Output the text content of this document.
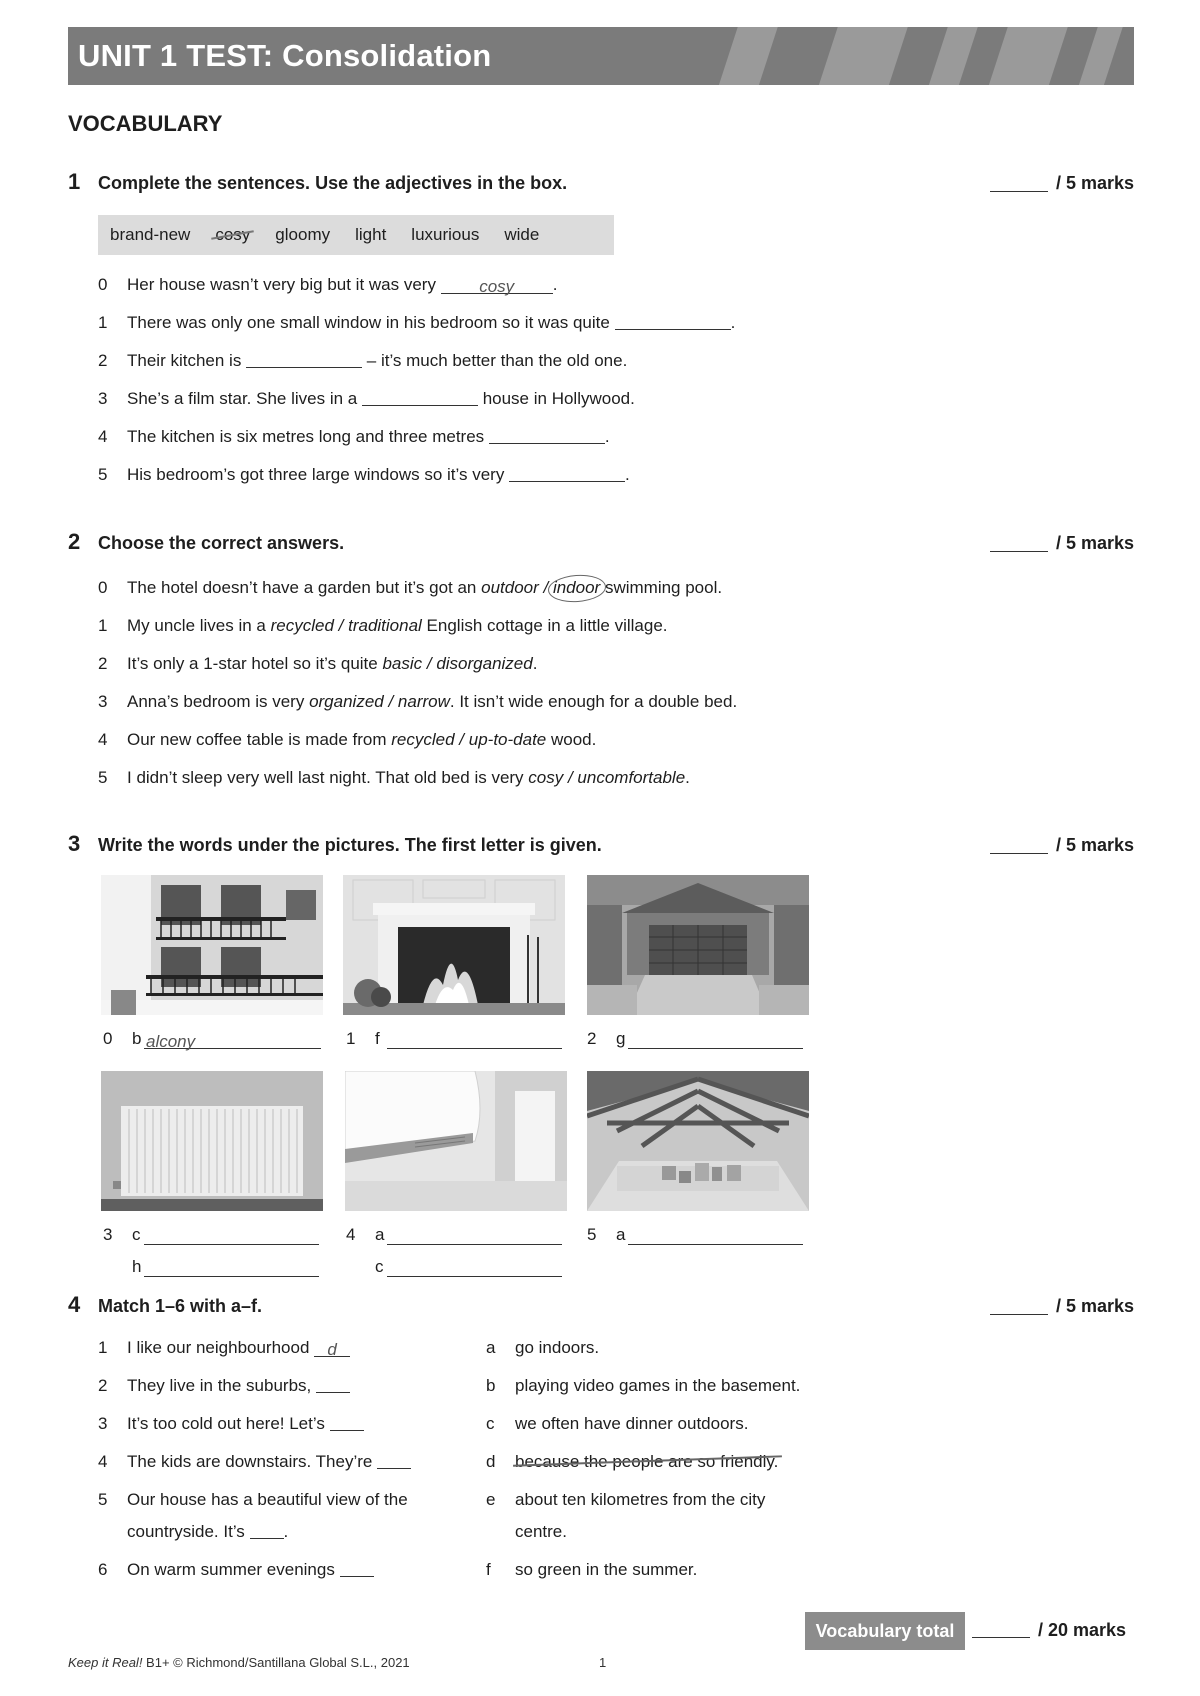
UNIT 1 TEST: Consolidation
VOCABULARY
1 Complete the sentences. Use the adjectives in the box.	/ 5 marks
brand-new cosy gloomy light luxurious wide
0 Her house wasn’t very big but it was very cosy .
1 There was only one small window in his bedroom so it was quite	.
2 Their kitchen is	– it’s much better than the old one.
3 She’s a film star. She lives in a	house in Hollywood.
4 The kitchen is six metres long and three metres	.
5 His bedroom’s got three large windows so it’s very	.
2 Choose the correct answers.	/ 5 marks
0 The hotel doesn’t have a garden but it’s got an outdoor / indoor swimming pool.
1 My uncle lives in a recycled / traditional English cottage in a little village.
2 It’s only a 1-star hotel so it’s quite basic / disorganized.
3 Anna’s bedroom is very organized / narrow. It isn’t wide enough for a double bed.
4 Our new coffee table is made from recycled / up-to-date wood.
5 I didn’t sleep very well last night. That old bed is very cosy / uncomfortable.
3 Write the words under the pictures. The first letter is given.	/ 5 marks
0 b alcony	1 f	2 g
3 c
h
4 a
c
5 a
4 Match 1–6 with a–f.	/ 5 marks
1 I like our neighbourhood d
2 They live in the suburbs,
3 It’s too cold out here! Let’s
4 The kids are downstairs. They’re
5 Our house has a beautiful view of the
countryside. It’s .
6 On warm summer evenings
a go indoors.
b playing video games in the basement.
c we often have dinner outdoors.
d because the people are so friendly.
e about ten kilometres from the city
centre.
f so green in the summer.
Vocabulary total	/ 20 marks
Keep it Real! B1+ © Richmond/Santillana Global S.L., 2021	1
